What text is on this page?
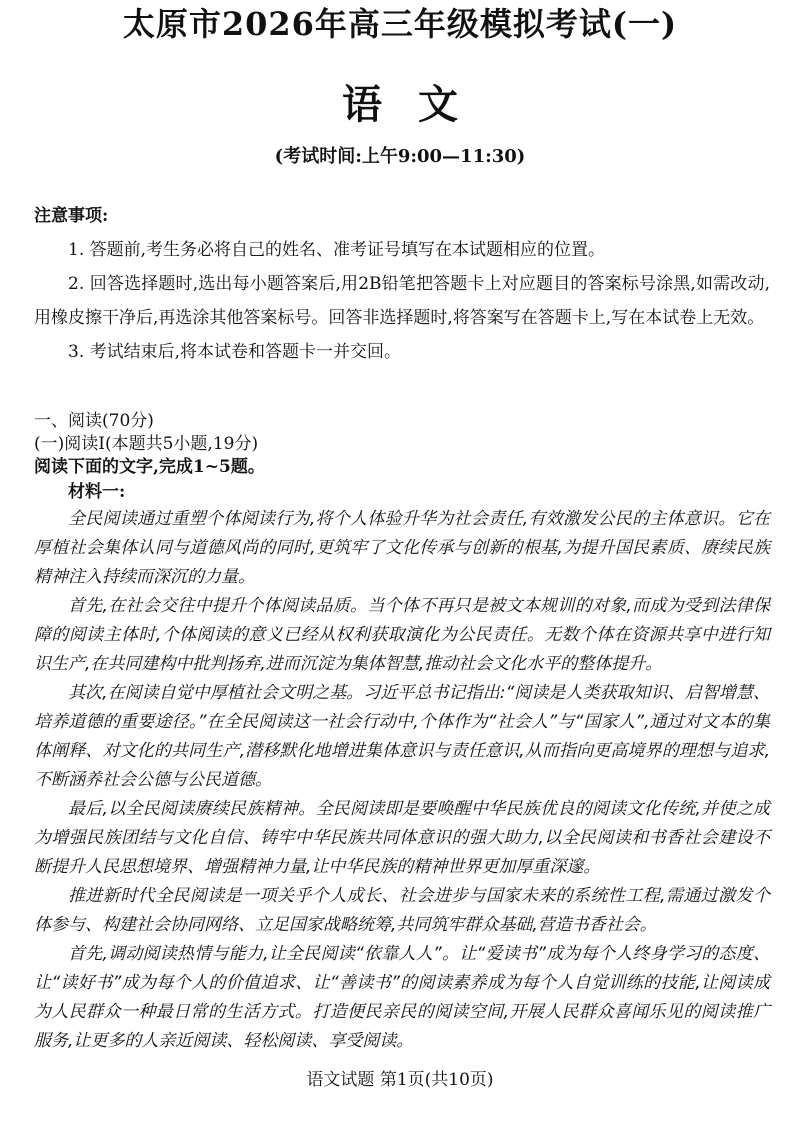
太原市2026年高三年级模拟考试(一)
语文
(考试时间:上午9:00—11:30)
注意事项:

1. 答题前,考生务必将自己的姓名、准考证号填写在本试题相应的位置。

2. 回答选择题时,选出每小题答案后,用2B铅笔把答题卡上对应题目的答案标号涂黑,如需改动,用橡皮擦干净后,再选涂其他答案标号。回答非选择题时,将答案写在答题卡上,写在本试卷上无效。

3. 考试结束后,将本试卷和答题卡一并交回。

一、阅读(70分)

(一)阅读Ⅰ(本题共5小题,19分)

阅读下面的文字,完成1~5题。

材料一:

全民阅读通过重塑个体阅读行为,将个人体验升华为社会责任,有效激发公民的主体意识。它在厚植社会集体认同与道德风尚的同时,更筑牢了文化传承与创新的根基,为提升国民素质、赓续民族精神注入持续而深沉的力量。

首先,在社会交往中提升个体阅读品质。当个体不再只是被文本规训的对象,而成为受到法律保障的阅读主体时,个体阅读的意义已经从权利获取演化为公民责任。无数个体在资源共享中进行知识生产,在共同建构中批判扬弃,进而沉淀为集体智慧,推动社会文化水平的整体提升。

其次,在阅读自觉中厚植社会文明之基。习近平总书记指出:“阅读是人类获取知识、启智增慧、培养道德的重要途径。”在全民阅读这一社会行动中,个体作为“社会人”与“国家人”,通过对文本的集体阐释、对文化的共同生产,潜移默化地增进集体意识与责任意识,从而指向更高境界的理想与追求,不断涵养社会公德与公民道德。

最后,以全民阅读赓续民族精神。全民阅读即是要唤醒中华民族优良的阅读文化传统,并使之成为增强民族团结与文化自信、铸牢中华民族共同体意识的强大助力,以全民阅读和书香社会建设不断提升人民思想境界、增强精神力量,让中华民族的精神世界更加厚重深邃。

推进新时代全民阅读是一项关乎个人成长、社会进步与国家未来的系统性工程,需通过激发个体参与、构建社会协同网络、立足国家战略统筹,共同筑牢群众基础,营造书香社会。

首先,调动阅读热情与能力,让全民阅读“依靠人人”。让“爱读书”成为每个人终身学习的态度、让“读好书”成为每个人的价值追求、让“善读书”的阅读素养成为每个人自觉训练的技能,让阅读成为人民群众一种最日常的生活方式。打造便民亲民的阅读空间,开展人民群众喜闻乐见的阅读推广服务,让更多的人亲近阅读、轻松阅读、享受阅读。

语文试题 第1页(共10页)
